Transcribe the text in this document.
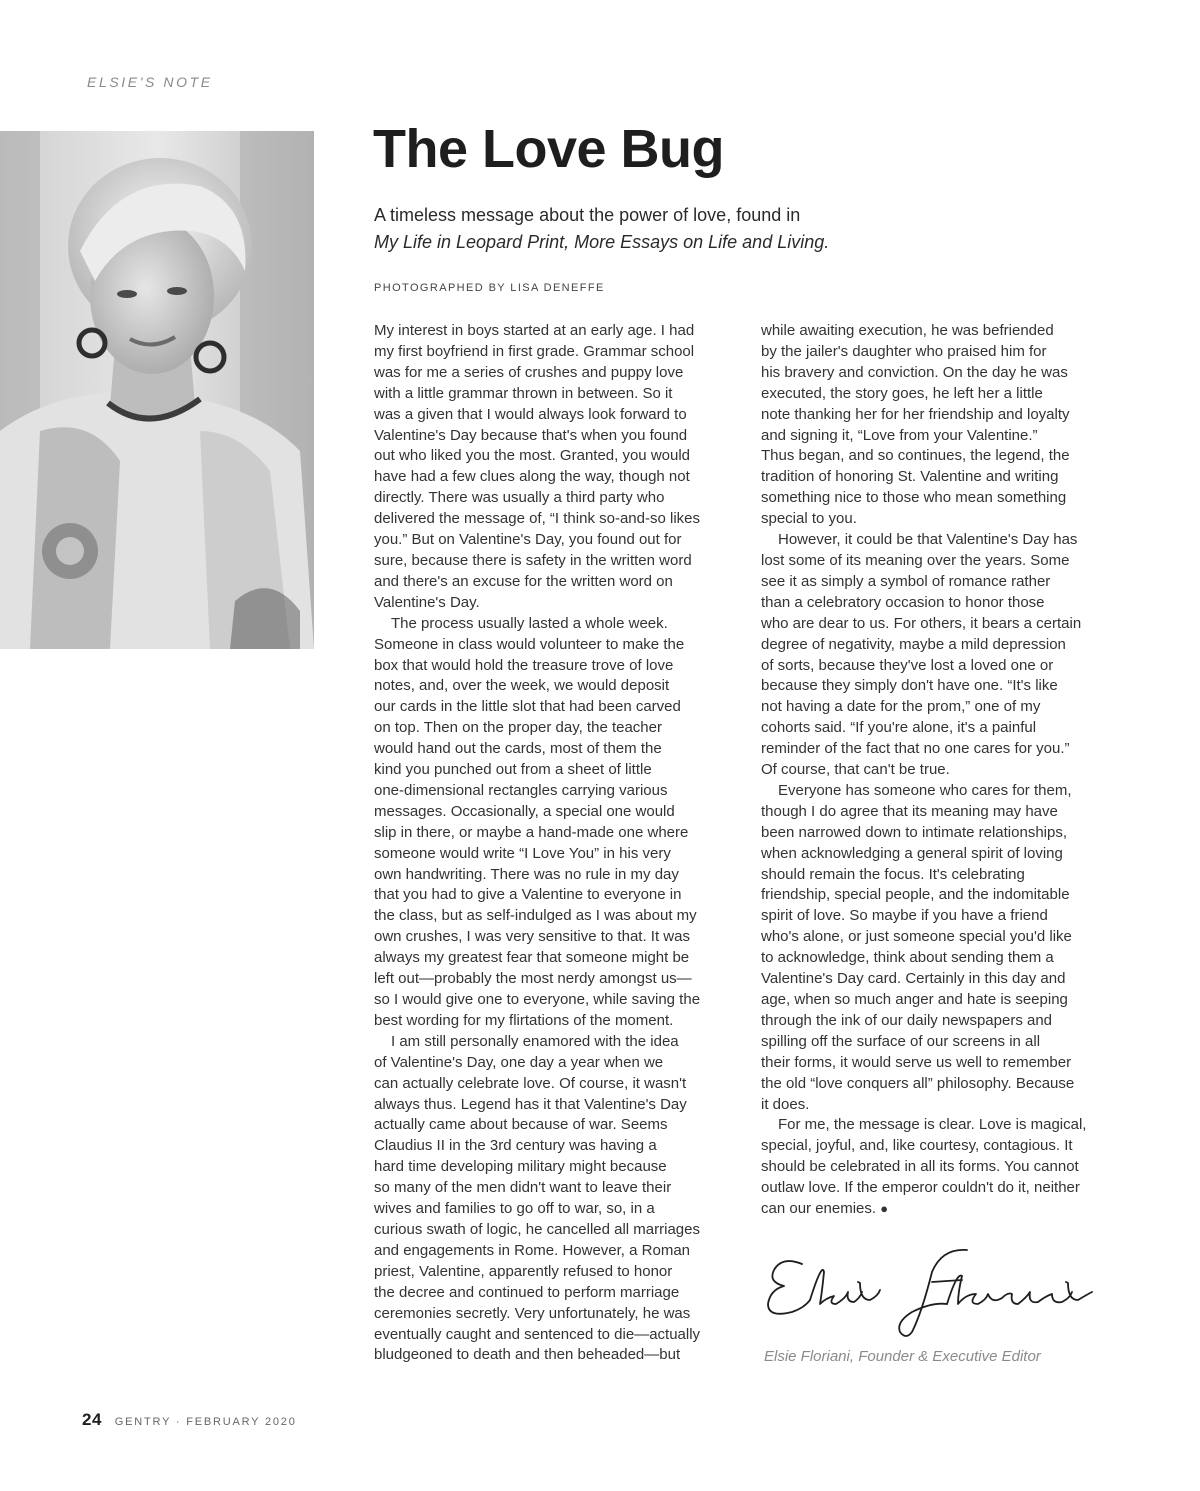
ELSIE'S NOTE
The Love Bug
A timeless message about the power of love, found in
My Life in Leopard Print, More Essays on Life and Living.
PHOTOGRAPHED BY LISA DENEFFE

My interest in boys started at an early age. I had
my first boyfriend in first grade. Grammar school
was for me a series of crushes and puppy love
with a little grammar thrown in between. So it
was a given that I would always look forward to
Valentine's Day because that's when you found
out who liked you the most. Granted, you would
have had a few clues along the way, though not
directly. There was usually a third party who
delivered the message of, “I think so-and-so likes
you.” But on Valentine's Day, you found out for
sure, because there is safety in the written word
and there's an excuse for the written word on
Valentine's Day.

The process usually lasted a whole week.
Someone in class would volunteer to make the
box that would hold the treasure trove of love
notes, and, over the week, we would deposit
our cards in the little slot that had been carved
on top. Then on the proper day, the teacher
would hand out the cards, most of them the
kind you punched out from a sheet of little
one-dimensional rectangles carrying various
messages. Occasionally, a special one would
slip in there, or maybe a hand-made one where
someone would write “I Love You” in his very
own handwriting. There was no rule in my day
that you had to give a Valentine to everyone in
the class, but as self-indulged as I was about my
own crushes, I was very sensitive to that. It was
always my greatest fear that someone might be
left out—probably the most nerdy amongst us—
so I would give one to everyone, while saving the
best wording for my flirtations of the moment.

I am still personally enamored with the idea
of Valentine's Day, one day a year when we
can actually celebrate love. Of course, it wasn't
always thus. Legend has it that Valentine's Day
actually came about because of war. Seems
Claudius II in the 3rd century was having a
hard time developing military might because
so many of the men didn't want to leave their
wives and families to go off to war, so, in a
curious swath of logic, he cancelled all marriages
and engagements in Rome. However, a Roman
priest, Valentine, apparently refused to honor
the decree and continued to perform marriage
ceremonies secretly. Very unfortunately, he was
eventually caught and sentenced to die—actually
bludgeoned to death and then beheaded—but

while awaiting execution, he was befriended
by the jailer's daughter who praised him for
his bravery and conviction. On the day he was
executed, the story goes, he left her a little
note thanking her for her friendship and loyalty
and signing it, “Love from your Valentine.”
Thus began, and so continues, the legend, the
tradition of honoring St. Valentine and writing
something nice to those who mean something
special to you.

However, it could be that Valentine's Day has
lost some of its meaning over the years. Some
see it as simply a symbol of romance rather
than a celebratory occasion to honor those
who are dear to us. For others, it bears a certain
degree of negativity, maybe a mild depression
of sorts, because they've lost a loved one or
because they simply don't have one. “It's like
not having a date for the prom,” one of my
cohorts said. “If you're alone, it's a painful
reminder of the fact that no one cares for you.”
Of course, that can't be true.

Everyone has someone who cares for them,
though I do agree that its meaning may have
been narrowed down to intimate relationships,
when acknowledging a general spirit of loving
should remain the focus. It's celebrating
friendship, special people, and the indomitable
spirit of love. So maybe if you have a friend
who's alone, or just someone special you'd like
to acknowledge, think about sending them a
Valentine's Day card. Certainly in this day and
age, when so much anger and hate is seeping
through the ink of our daily newspapers and
spilling off the surface of our screens in all
their forms, it would serve us well to remember
the old “love conquers all” philosophy. Because
it does.

For me, the message is clear. Love is magical,
special, joyful, and, like courtesy, contagious. It
should be celebrated in all its forms. You cannot
outlaw love. If the emperor couldn't do it, neither
can our enemies. ●

Elsie Floriani, Founder & Executive Editor
24 GENTRY · FEBRUARY 2020
